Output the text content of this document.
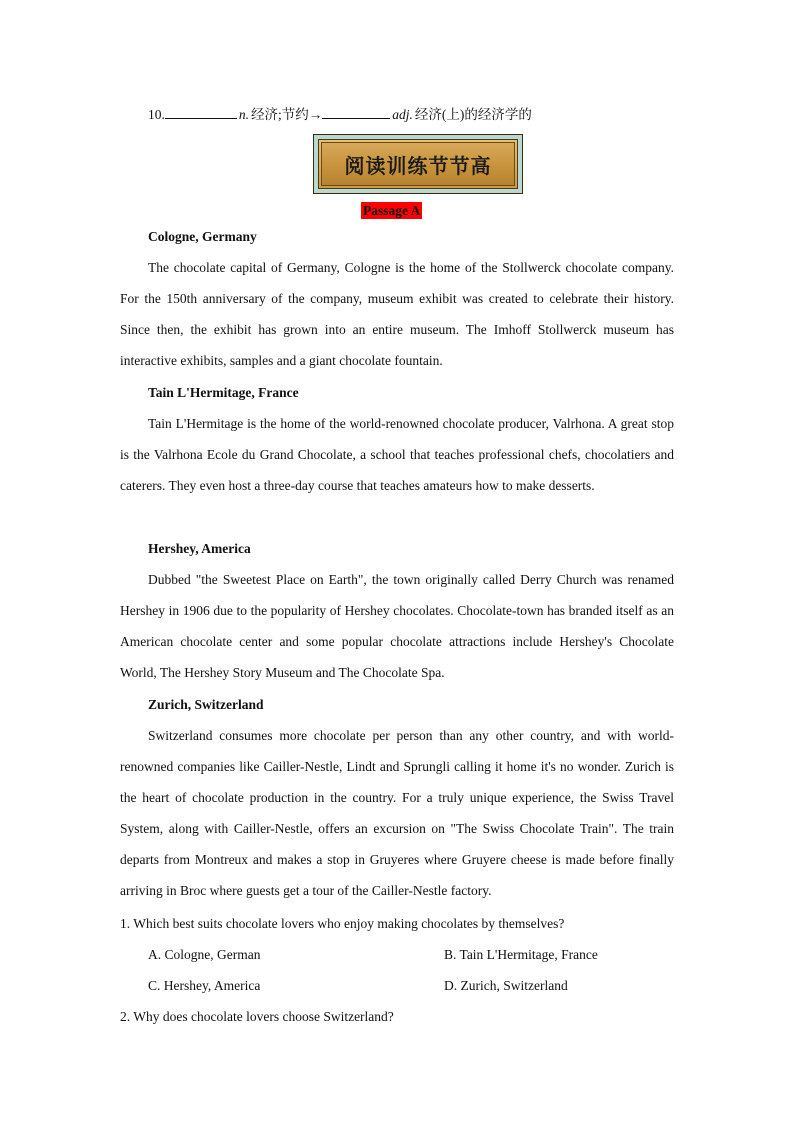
10.	n. 经济;节约→	adj. 经济(上)的经济学的
阅读训练节节高
Passage A
Cologne, Germany

The chocolate capital of Germany, Cologne is the home of the Stollwerck chocolate company. For the 150th anniversary of the company, museum exhibit was created to celebrate their history. Since then, the exhibit has grown into an entire museum. The Imhoff Stollwerck museum has interactive exhibits, samples and a giant chocolate fountain.

Tain L'Hermitage, France

Tain L'Hermitage is the home of the world-renowned chocolate producer, Valrhona. A great stop is the Valrhona Ecole du Grand Chocolate, a school that teaches professional chefs, chocolatiers and caterers. They even host a three-day course that teaches amateurs how to make desserts.

Hershey, America

Dubbed "the Sweetest Place on Earth", the town originally called Derry Church was renamed Hershey in 1906 due to the popularity of Hershey chocolates. Chocolate-town has branded itself as an American chocolate center and some popular chocolate attractions include Hershey's Chocolate World, The Hershey Story Museum and The Chocolate Spa.

Zurich, Switzerland

Switzerland consumes more chocolate per person than any other country, and with world-renowned companies like Cailler-Nestle, Lindt and Sprungli calling it home it's no wonder. Zurich is the heart of chocolate production in the country. For a truly unique experience, the Swiss Travel System, along with Cailler-Nestle, offers an excursion on "The Swiss Chocolate Train". The train departs from Montreux and makes a stop in Gruyeres where Gruyere cheese is made before finally arriving in Broc where guests get a tour of the Cailler-Nestle factory.

1. Which best suits chocolate lovers who enjoy making chocolates by themselves?
A. Cologne, German	B. Tain L'Hermitage, France
C. Hershey, America	D. Zurich, Switzerland
2. Why does chocolate lovers choose Switzerland?
